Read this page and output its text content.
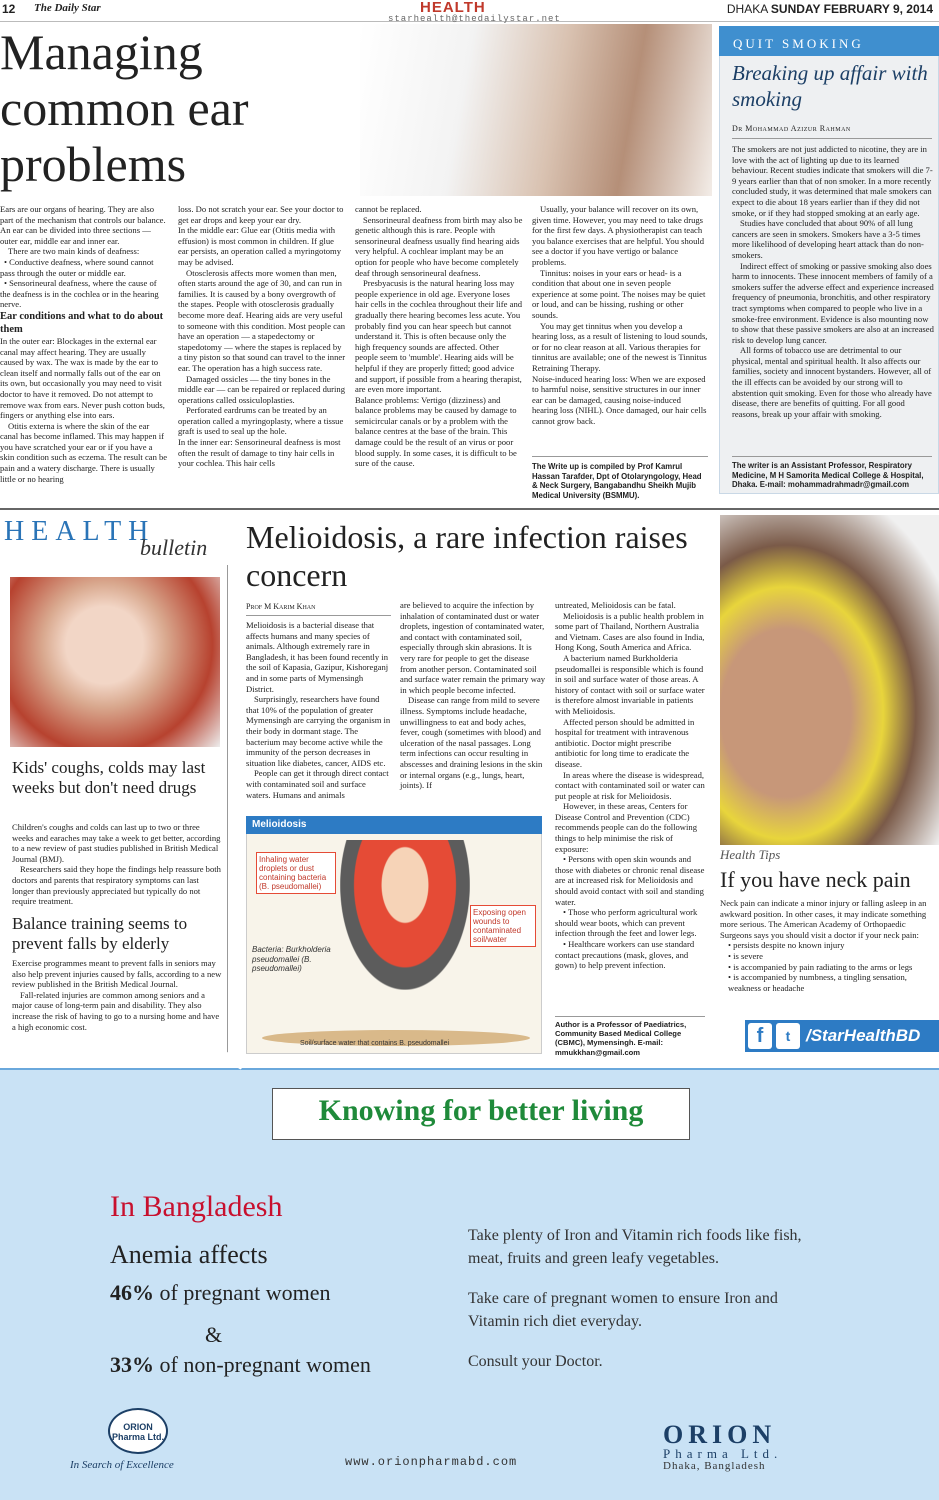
12 The Daily Star	HEALTH
starhealth@thedailystar.net
DHAKA SUNDAY FEBRUARY 9, 2014
Managing common ear problems

Ears are our organs of hearing. They are also part of the mechanism that controls our balance. An ear can be divided into three sections — outer ear, middle ear and inner ear.

There are two main kinds of deafness:

• Conductive deafness, where sound cannot pass through the outer or middle ear.

• Sensorineural deafness, where the cause of the deafness is in the cochlea or in the hearing nerve.

Ear conditions and what to do about them

In the outer ear: Blockages in the external ear canal may affect hearing. They are usually caused by wax. The wax is made by the ear to clean itself and normally falls out of the ear on its own, but occasionally you may need to visit doctor to have it removed. Do not attempt to remove wax from ears. Never push cotton buds, fingers or anything else into ears.

Otitis externa is where the skin of the ear canal has become inflamed. This may happen if you have scratched your ear or if you have a skin condition such as eczema. The result can be pain and a watery discharge. There is usually little or no hearing

loss. Do not scratch your ear. See your doctor to get ear drops and keep your ear dry.

In the middle ear: Glue ear (Otitis media with effusion) is most common in children. If glue ear persists, an operation called a myringotomy may be advised.

Otosclerosis affects more women than men, often starts around the age of 30, and can run in families. It is caused by a bony overgrowth of the stapes. People with otosclerosis gradually become more deaf. Hearing aids are very useful to someone with this condition. Most people can have an operation — a stapedectomy or stapedotomy — where the stapes is replaced by a tiny piston so that sound can travel to the inner ear. The operation has a high success rate.

Damaged ossicles — the tiny bones in the middle ear — can be repaired or replaced during operations called ossiculoplasties.

Perforated eardrums can be treated by an operation called a myringoplasty, where a tissue graft is used to seal up the hole.

In the inner ear: Sensorineural deafness is most often the result of damage to tiny hair cells in your cochlea. This hair cells

cannot be replaced.

Sensorineural deafness from birth may also be genetic although this is rare. People with sensorineural deafness usually find hearing aids very helpful. A cochlear implant may be an option for people who have become completely deaf through sensorineural deafness.

Presbyacusis is the natural hearing loss may people experience in old age. Everyone loses hair cells in the cochlea throughout their life and gradually there hearing becomes less acute. You probably find you can hear speech but cannot understand it. This is often because only the high frequency sounds are affected. Other people seem to 'mumble'. Hearing aids will be helpful if they are properly fitted; good advice and support, if possible from a hearing therapist, are even more important.

Balance problems: Vertigo (dizziness) and balance problems may be caused by damage to semicircular canals or by a problem with the balance centres at the base of the brain. This damage could be the result of an virus or poor blood supply. In some cases, it is difficult to be sure of the cause.

Usually, your balance will recover on its own, given time. However, you may need to take drugs for the first few days. A physiotherapist can teach you balance exercises that are helpful. You should see a doctor if you have vertigo or balance problems.

Tinnitus: noises in your ears or head- is a condition that about one in seven people experience at some point. The noises may be quiet or loud, and can be hissing, rushing or other sounds.

You may get tinnitus when you develop a hearing loss, as a result of listening to loud sounds, or for no clear reason at all. Various therapies for tinnitus are available; one of the newest is Tinnitus Retraining Therapy.

Noise-induced hearing loss: When we are exposed to harmful noise, sensitive structures in our inner ear can be damaged, causing noise-induced hearing loss (NIHL). Once damaged, our hair cells cannot grow back.

The Write up is compiled by Prof Kamrul Hassan Tarafder, Dpt of Otolaryngology, Head & Neck Surgery, Bangabandhu Sheikh Mujib Medical University (BSMMU).
QUIT SMOKING
Breaking up affair with smoking
Dr Mohammad Azizur Rahman

The smokers are not just addicted to nicotine, they are in love with the act of lighting up due to its learned behaviour. Recent studies indicate that smokers will die 7-9 years earlier than that of non smoker. In a more recently concluded study, it was determined that male smokers can expect to die about 18 years earlier than if they did not smoke, or if they had stopped smoking at an early age.

Studies have concluded that about 90% of all lung cancers are seen in smokers. Smokers have a 3-5 times more likelihood of developing heart attack than do non-smokers.

Indirect effect of smoking or passive smoking also does harm to innocents. These innocent members of family of a smokers suffer the adverse effect and experience increased frequency of pneumonia, bronchitis, and other respiratory tract symptoms when compared to people who live in a smoke-free environment. Evidence is also mounting now to show that these passive smokers are also at an increased risk to develop lung cancer.

All forms of tobacco use are detrimental to our physical, mental and spiritual health. It also affects our families, society and innocent bystanders. However, all of the ill effects can be avoided by our strong will to abstention quit smoking. Even for those who already have disease, there are benefits of quitting. For all good reasons, break up your affair with smoking.

The writer is an Assistant Professor, Respiratory Medicine, M H Samorita Medical College & Hospital, Dhaka. E-mail: mohammadrahmadr@gmail.com
HEALTH
bulletin
Kids' coughs, colds may last weeks but don't need drugs

Children's coughs and colds can last up to two or three weeks and earaches may take a week to get better, according to a new review of past studies published in British Medical Journal (BMJ).

Researchers said they hope the findings help reassure both doctors and parents that respiratory symptoms can last longer than previously appreciated but typically do not require treatment.

Balance training seems to prevent falls by elderly

Exercise programmes meant to prevent falls in seniors may also help prevent injuries caused by falls, according to a new review published in the British Medical Journal.

Fall-related injuries are common among seniors and a major cause of long-term pain and disability. They also increase the risk of having to go to a nursing home and have a high economic cost.

Melioidosis, a rare infection raises concern
Prof M Karim Khan

Melioidosis is a bacterial disease that affects humans and many species of animals. Although extremely rare in Bangladesh, it has been found recently in the soil of Kapasia, Gazipur, Kishoreganj and in some parts of Mymensingh District.

Surprisingly, researchers have found that 10% of the population of greater Mymensingh are carrying the organism in their body in dormant stage. The bacterium may become active while the immunity of the person decreases in situation like diabetes, cancer, AIDS etc.

People can get it through direct contact with contaminated soil and surface waters. Humans and animals

are believed to acquire the infection by inhalation of contaminated dust or water droplets, ingestion of contaminated water, and contact with contaminated soil, especially through skin abrasions. It is very rare for people to get the disease from another person. Contaminated soil and surface water remain the primary way in which people become infected.

Disease can range from mild to severe illness. Symptoms include headache, unwillingness to eat and body aches, fever, cough (sometimes with blood) and ulceration of the nasal passages. Long term infections can occur resulting in abscesses and draining lesions in the skin or internal organs (e.g., lungs, heart, joints). If

untreated, Melioidosis can be fatal.

Melioidosis is a public health problem in some part of Thailand, Northern Australia and Vietnam. Cases are also found in India, Hong Kong, South America and Africa.

A bacterium named Burkholderia pseudomallei is responsible which is found in soil and surface water of those areas. A history of contact with soil or surface water is therefore almost invariable in patients with Melioidosis.

Affected person should be admitted in hospital for treatment with intravenous antibiotic. Doctor might prescribe antibiotic for long time to eradicate the disease.

In areas where the disease is widespread, contact with contaminated soil or water can put people at risk for Melioidosis.

However, in these areas, Centers for Disease Control and Prevention (CDC) recommends people can do the following things to help minimise the risk of exposure:

• Persons with open skin wounds and those with diabetes or chronic renal disease are at increased risk for Melioidosis and should avoid contact with soil and standing water.

• Those who perform agricultural work should wear boots, which can prevent infection through the feet and lower legs.

• Healthcare workers can use standard contact precautions (mask, gloves, and gown) to help prevent infection.

Author is a Professor of Paediatrics, Community Based Medical College (CBMC), Mymensingh. E-mail: mmukkhan@gmail.com
Melioidosis
Inhaling water droplets or dust containing bacteria (B. pseudomallei)
Exposing open wounds to contaminated soil/water
Bacteria: Burkholderia pseudomallei (B. pseudomallei)
Soil/surface water that contains B. pseudomallei
Health Tips
If you have neck pain

Neck pain can indicate a minor injury or falling asleep in an awkward position. In other cases, it may indicate something more serious. The American Academy of Orthopaedic Surgeons says you should visit a doctor if your neck pain:

• persists despite no known injury

• is severe

• is accompanied by pain radiating to the arms or legs

• is accompanied by numbness, a tingling sensation, weakness or headache

f	t /StarHealthBD
Knowing for better living
In Bangladesh
Anemia affects
46% of pregnant women
&
33% of non-pregnant women
Take plenty of Iron and Vitamin rich foods like fish, meat, fruits and green leafy vegetables.
Take care of pregnant women to ensure Iron and Vitamin rich diet everyday.
Consult your Doctor.
ORION Pharma Ltd.
In Search of Excellence	www.orionpharmabd.com
ORION
Pharma Ltd.
Dhaka, Bangladesh
